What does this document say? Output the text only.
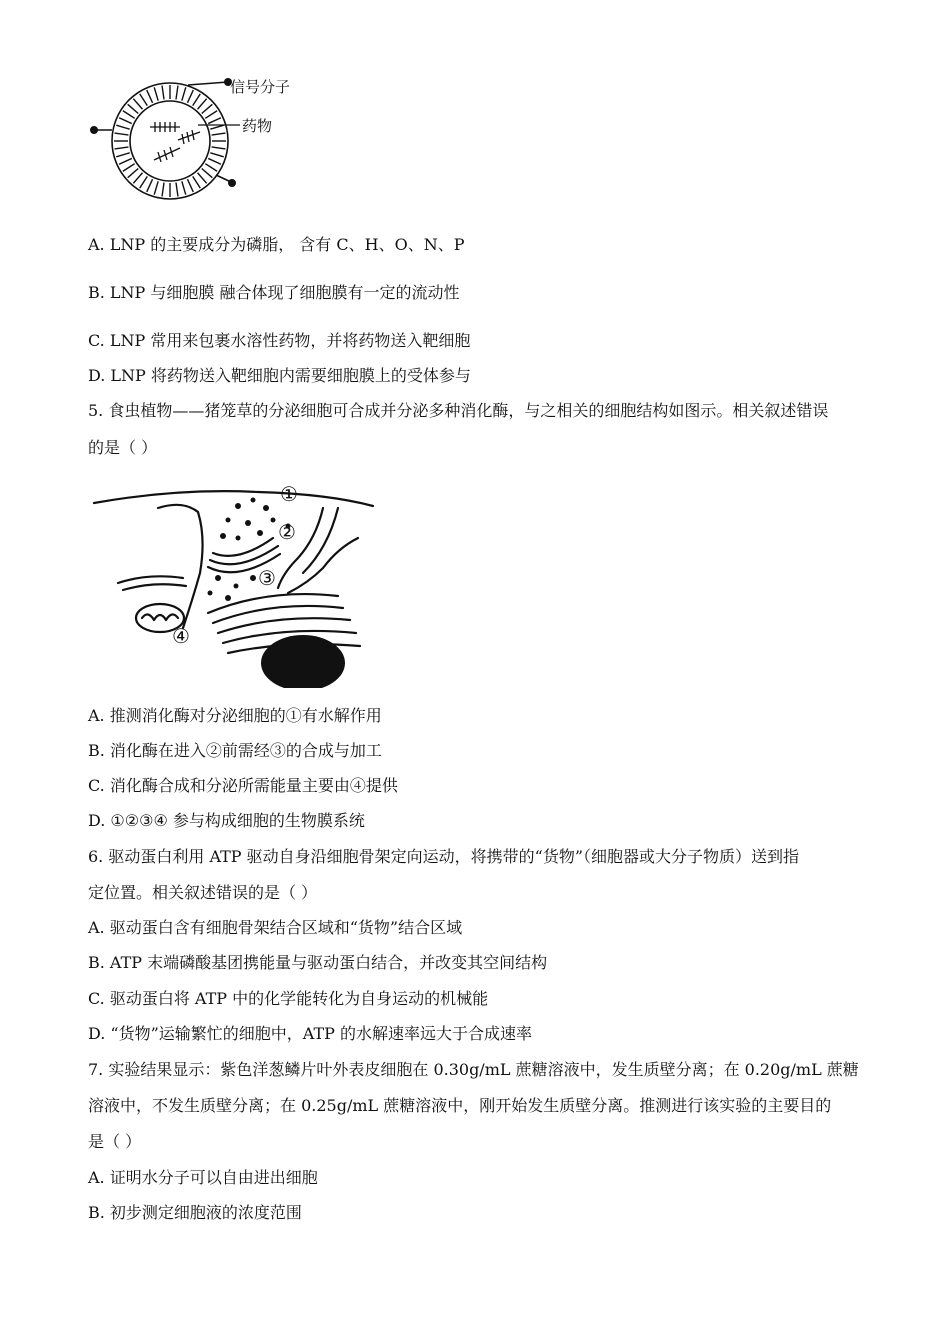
信号分子
药物
A. LNP 的主要成分为磷脂， 含有 C、H、O、N、P
B. LNP 与细胞膜 融合体现了细胞膜有一定的流动性
C. LNP 常用来包裹水溶性药物，并将药物送入靶细胞
D. LNP 将药物送入靶细胞内需要细胞膜上的受体参与
5. 食虫植物——猪笼草的分泌细胞可合成并分泌多种消化酶，与之相关的细胞结构如图示。相关叙述错误
的是（ ）
①
②
③
④
A. 推测消化酶对分泌细胞的①有水解作用
B. 消化酶在进入②前需经③的合成与加工
C. 消化酶合成和分泌所需能量主要由④提供
D. ①②③④ 参与构成细胞的生物膜系统
6. 驱动蛋白利用 ATP 驱动自身沿细胞骨架定向运动，将携带的“货物”（细胞器或大分子物质）送到指
定位置。相关叙述错误的是（ ）
A. 驱动蛋白含有细胞骨架结合区域和“货物”结合区域
B. ATP 末端磷酸基团携能量与驱动蛋白结合，并改变其空间结构
C. 驱动蛋白将 ATP 中的化学能转化为自身运动的机械能
D. “货物”运输繁忙的细胞中，ATP 的水解速率远大于合成速率
7. 实验结果显示：紫色洋葱鳞片叶外表皮细胞在 0.30g/mL 蔗糖溶液中，发生质壁分离；在 0.20g/mL 蔗糖
溶液中，不发生质壁分离；在 0.25g/mL 蔗糖溶液中，刚开始发生质壁分离。推测进行该实验的主要目的
是（ ）
A. 证明水分子可以自由进出细胞
B. 初步测定细胞液的浓度范围
